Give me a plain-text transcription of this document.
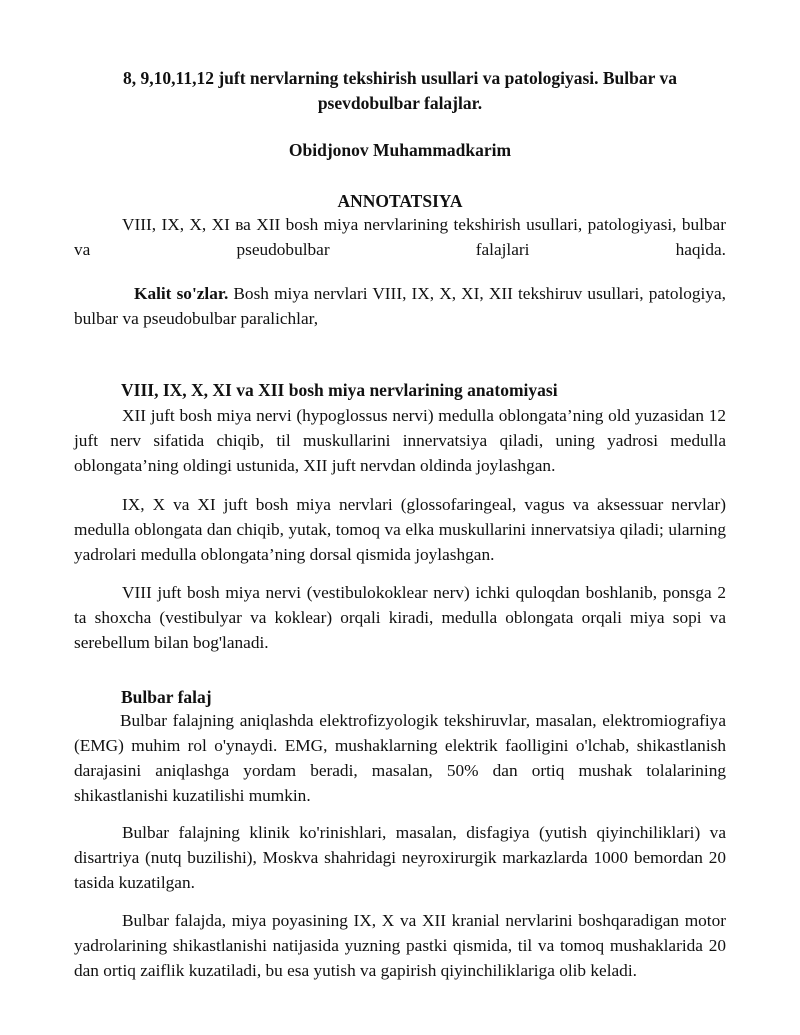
8, 9,10,11,12 juft nervlarning tekshirish usullari va patologiyasi. Bulbar va psevdobulbar falajlar.
Obidjonov Muhammadkarim
ANNOTATSIYA

VIII, IX, X, XI ва XII bosh miya nervlarining tekshirish usullari, patologiyasi, bulbar va pseudobulbar falajlari haqida.

Kalit so'zlar. Bosh miya nervlari VIII, IX, X, XI, XII tekshiruv usullari, patologiya, bulbar va pseudobulbar paralichlar,

VIII, IX, X, XI va XII bosh miya nervlarining anatomiyasi

XII juft bosh miya nervi (hypoglossus nervi) medulla oblongata’ning old yuzasidan 12 juft nerv sifatida chiqib, til muskullarini innervatsiya qiladi, uning yadrosi medulla oblongata’ning oldingi ustunida, XII juft nervdan oldinda joylashgan.

IX, X va XI juft bosh miya nervlari (glossofaringeal, vagus va aksessuar nervlar) medulla oblongata dan chiqib, yutak, tomoq va elka muskullarini innervatsiya qiladi; ularning yadrolari medulla oblongata’ning dorsal qismida joylashgan.

VIII juft bosh miya nervi (vestibulokoklear nerv) ichki quloqdan boshlanib, ponsga 2 ta shoxcha (vestibulyar va koklear) orqali kiradi, medulla oblongata orqali miya sopi va serebellum bilan bog'lanadi.

Bulbar falaj

Bulbar falajning aniqlashda elektrofizyologik tekshiruvlar, masalan, elektromiografiya (EMG) muhim rol o'ynaydi. EMG, mushaklarning elektrik faolligini o'lchab, shikastlanish darajasini aniqlashga yordam beradi, masalan, 50% dan ortiq mushak tolalarining shikastlanishi kuzatilishi mumkin.

Bulbar falajning klinik ko'rinishlari, masalan, disfagiya (yutish qiyinchiliklari) va disartriya (nutq buzilishi), Moskva shahridagi neyroxirurgik markazlarda 1000 bemordan 20 tasida kuzatilgan.

Bulbar falajda, miya poyasining IX, X va XII kranial nervlarini boshqaradigan motor yadrolarining shikastlanishi natijasida yuzning pastki qismida, til va tomoq mushaklarida 20 dan ortiq zaiflik kuzatiladi, bu esa yutish va gapirish qiyinchiliklariga olib keladi.
